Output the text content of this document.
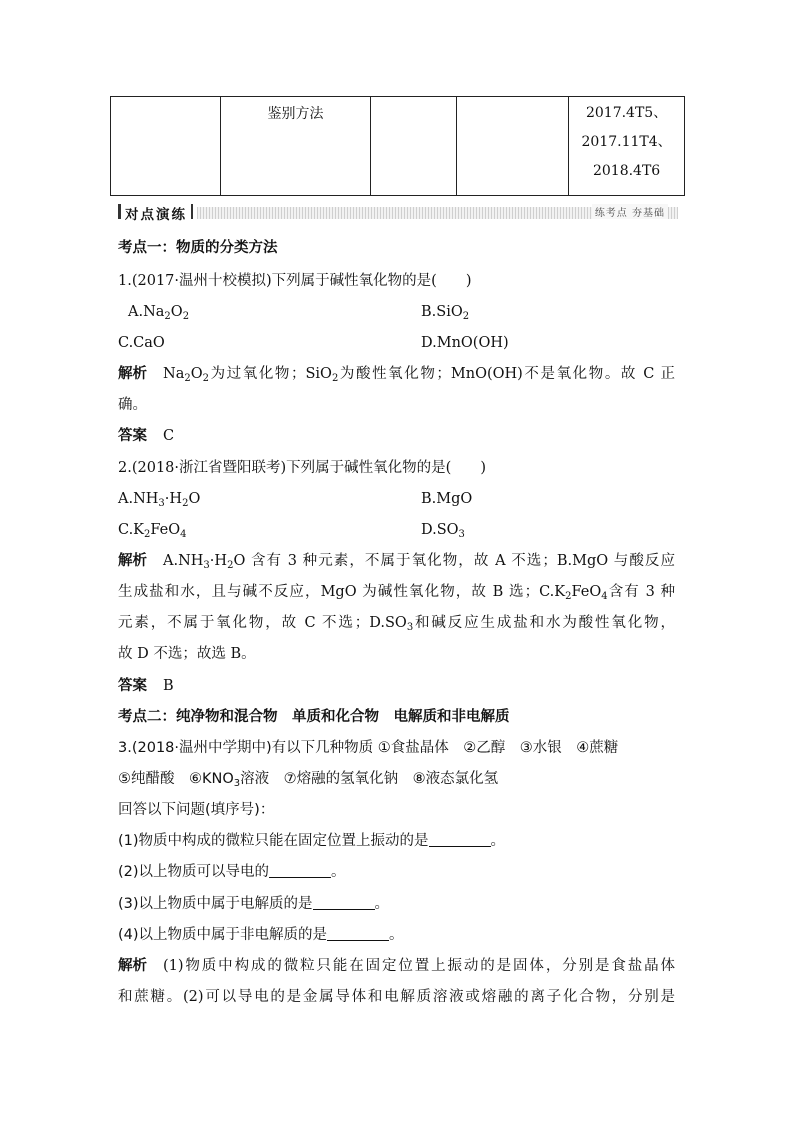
	鉴别方法			2017.4T5、
2017.11T4、
2018.4T6
对点演练	练考点 夯基础
考点一：物质的分类方法
1.(2017·温州十校模拟)下列属于碱性氧化物的是(　　)
$A.Na_2O_2$	B.SiO$_2$
C.CaO	D.MnO(OH)
解析 $Na_2O_2$为过氧化物；SiO$_2$为酸性氧化物；MnO(OH)不是氧化物。故 C 正
确。
答案 C
2.(2018·浙江省暨阳联考)下列属于碱性氧化物的是(　　)
$A.NH_3\cdot H_2O$	B.MgO
$C.K_2FeO_4$	$D.SO_3$
解析 $A.NH_3\cdot H_2O$ 含有 3 种元素，不属于氧化物，故 A 不选；B.MgO 与酸反应
生成盐和水，且与碱不反应，MgO 为碱性氧化物，故 B 选；$C.K_2FeO_4$含有 3 种
元素，不属于氧化物，故 C 不选；$D.SO_3$和碱反应生成盐和水为酸性氧化物，
故 D 不选；故选 B。
答案 B
考点二：纯净物和混合物　单质和化合物　电解质和非电解质
3.(2018·温州中学期中)有以下几种物质 ①食盐晶体　②乙醇　③水银　④蔗糖
⑤纯醋酸　$⑥KNO_3$溶液　⑦熔融的氢氧化钠　⑧液态氯化氢
回答以下问题(填序号)：
(1)物质中构成的微粒只能在固定位置上振动的是	。
(2)以上物质可以导电的	。
(3)以上物质中属于电解质的是	。
(4)以上物质中属于非电解质的是	。
解析 (1)物质中构成的微粒只能在固定位置上振动的是固体，分别是食盐晶体
和蔗糖。(2)可以导电的是金属导体和电解质溶液或熔融的离子化合物，分别是
